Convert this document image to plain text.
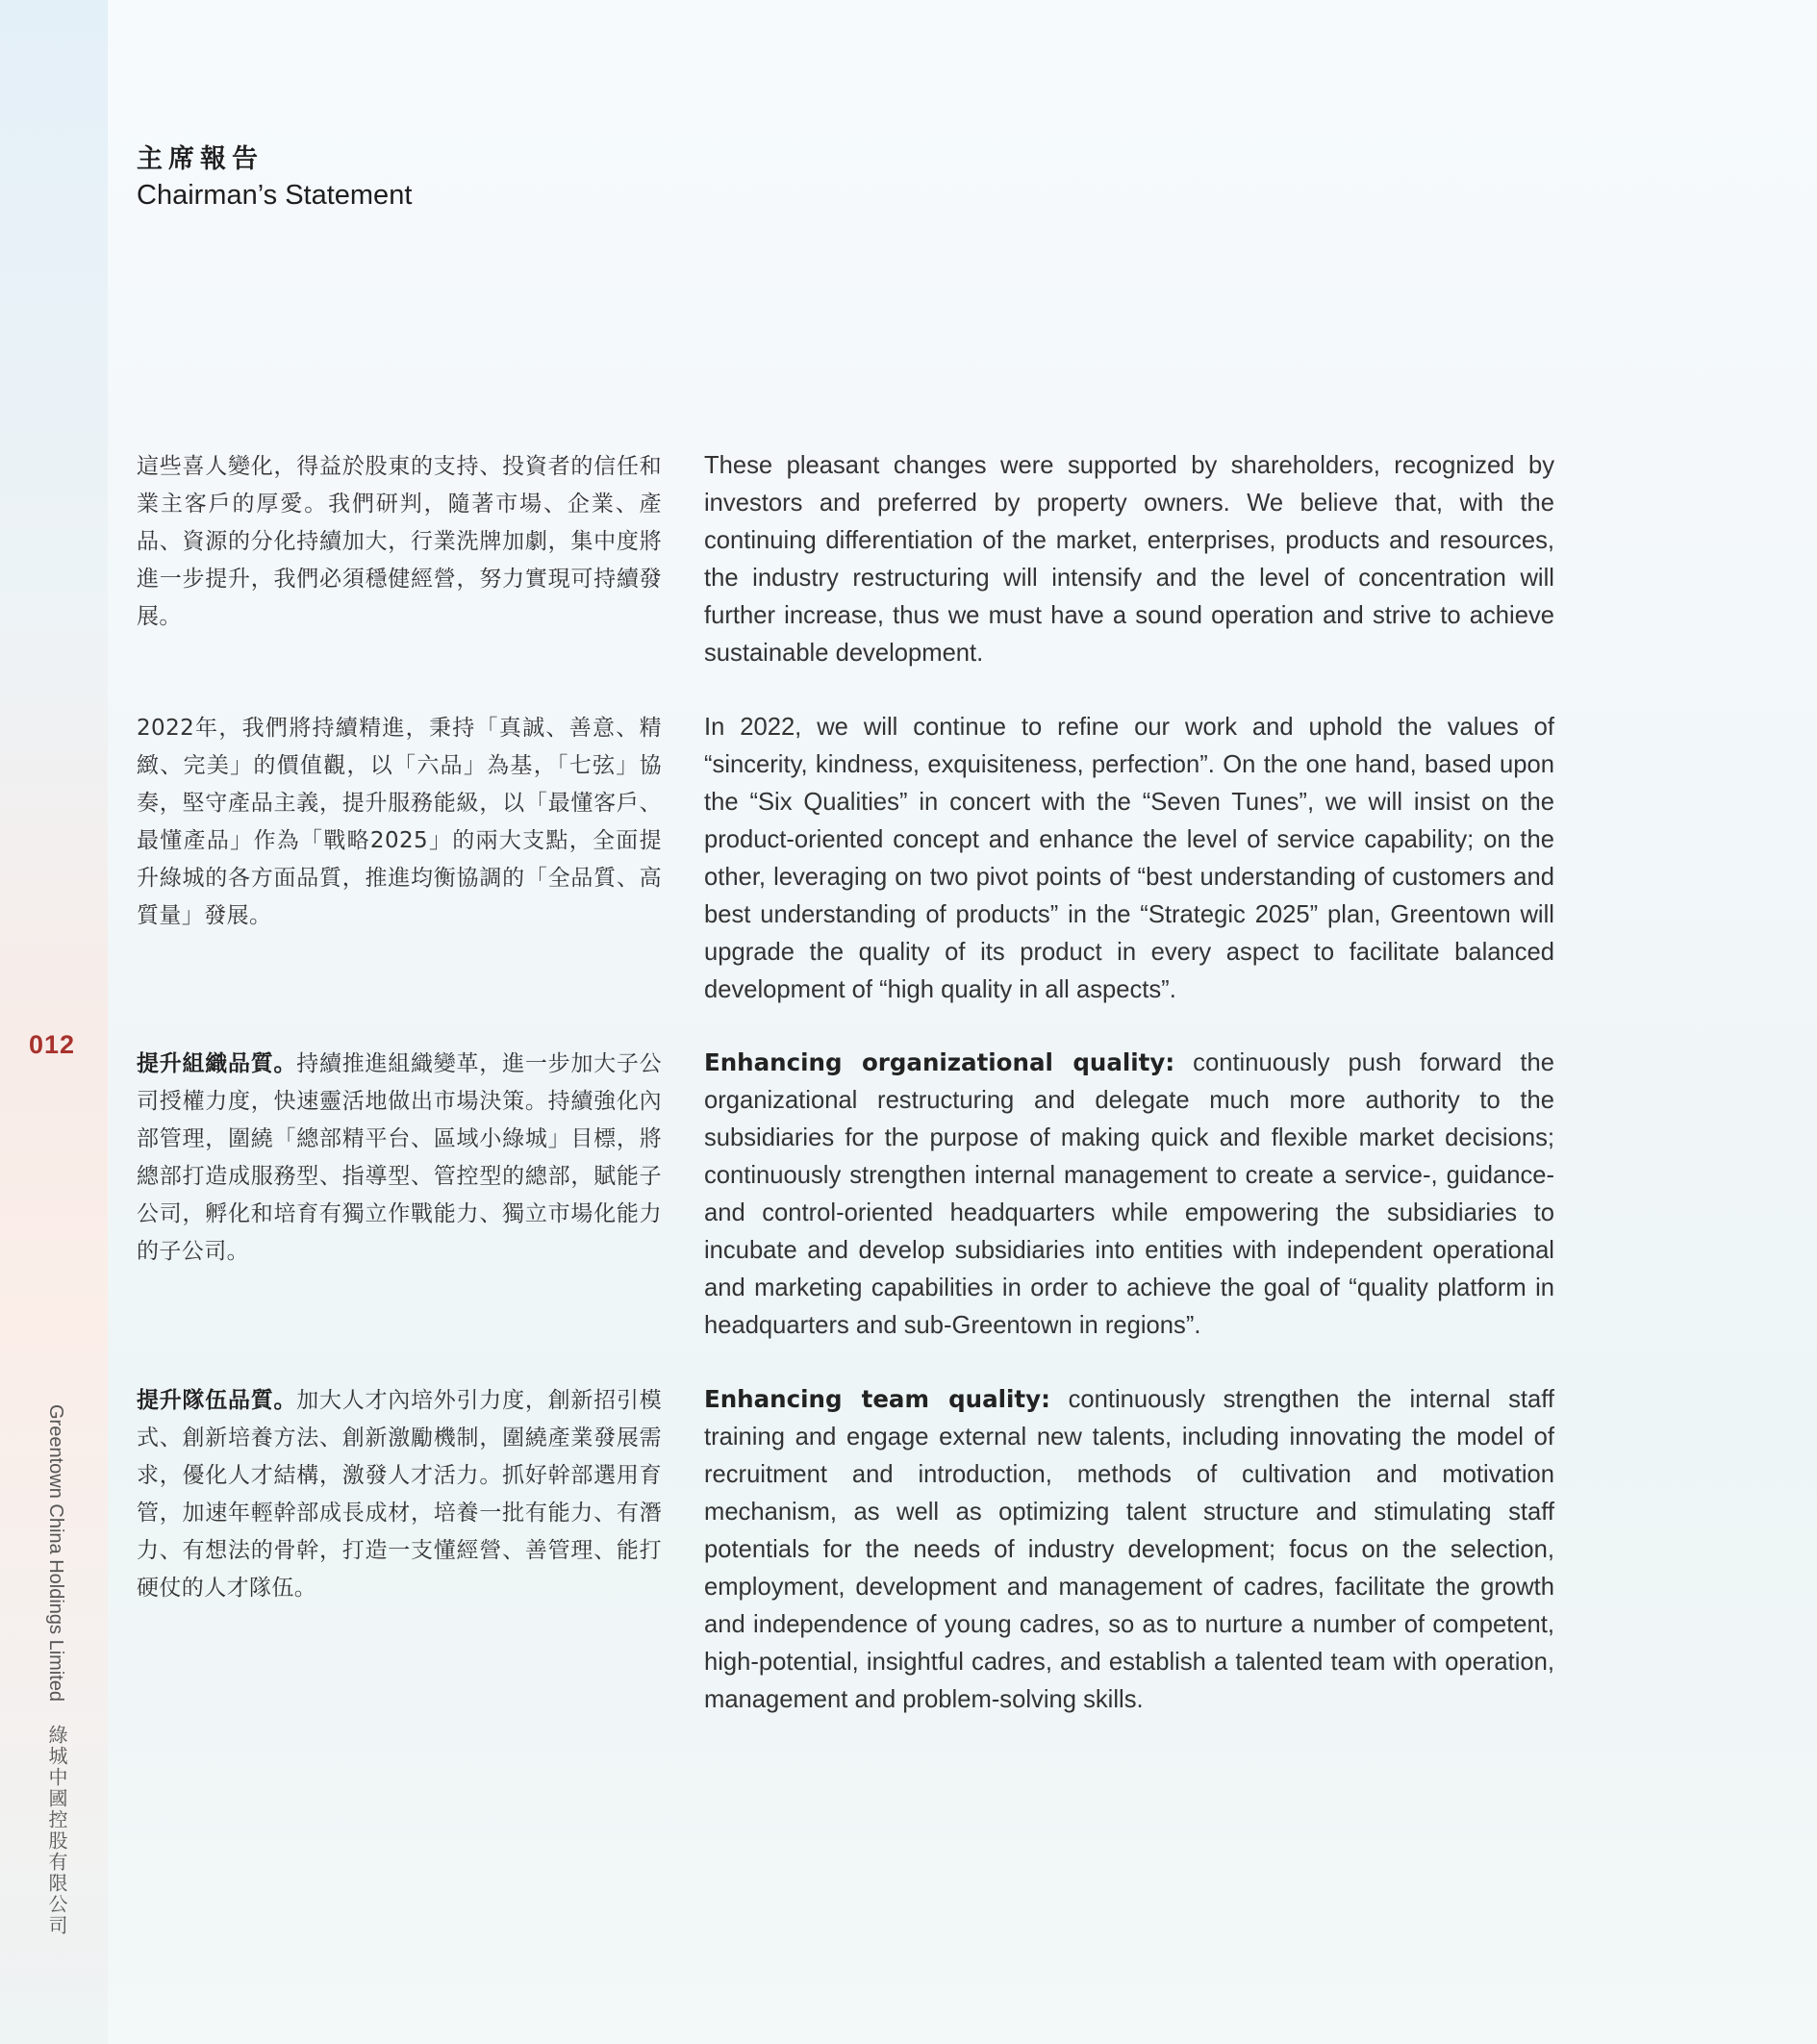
012
Greentown China Holdings Limited 綠城中國控股有限公司
主席報告
Chairman’s Statement

這些喜人變化，得益於股東的支持、投資者的信任和業主客戶的厚愛。我們研判，隨著市場、企業、產品、資源的分化持續加大，行業洗牌加劇，集中度將進一步提升，我們必須穩健經營，努力實現可持續發展。

These pleasant changes were supported by shareholders, recognized by investors and preferred by property owners. We believe that, with the continuing differentiation of the market, enterprises, products and resources, the industry restructuring will intensify and the level of concentration will further increase, thus we must have a sound operation and strive to achieve sustainable development.

2022年，我們將持續精進，秉持「真誠、善意、精緻、完美」的價值觀，以「六品」為基，「七弦」協奏，堅守產品主義，提升服務能級，以「最懂客戶、最懂產品」作為「戰略2025」的兩大支點，全面提升綠城的各方面品質，推進均衡協調的「全品質、高質量」發展。

In 2022, we will continue to refine our work and uphold the values of “sincerity, kindness, exquisiteness, perfection”. On the one hand, based upon the “Six Qualities” in concert with the “Seven Tunes”, we will insist on the product-oriented concept and enhance the level of service capability; on the other, leveraging on two pivot points of “best understanding of customers and best understanding of products” in the “Strategic 2025” plan, Greentown will upgrade the quality of its product in every aspect to facilitate balanced development of “high quality in all aspects”.

提升組織品質。持續推進組織變革，進一步加大子公司授權力度，快速靈活地做出市場決策。持續強化內部管理，圍繞「總部精平台、區域小綠城」目標，將總部打造成服務型、指導型、管控型的總部，賦能子公司，孵化和培育有獨立作戰能力、獨立市場化能力的子公司。

Enhancing organizational quality: continuously push forward the organizational restructuring and delegate much more authority to the subsidiaries for the purpose of making quick and flexible market decisions; continuously strengthen internal management to create a service-, guidance- and control-oriented headquarters while empowering the subsidiaries to incubate and develop subsidiaries into entities with independent operational and marketing capabilities in order to achieve the goal of “quality platform in headquarters and sub-Greentown in regions”.

提升隊伍品質。加大人才內培外引力度，創新招引模式、創新培養方法、創新激勵機制，圍繞產業發展需求，優化人才結構，激發人才活力。抓好幹部選用育管，加速年輕幹部成長成材，培養一批有能力、有潛力、有想法的骨幹，打造一支懂經營、善管理、能打硬仗的人才隊伍。

Enhancing team quality: continuously strengthen the internal staff training and engage external new talents, including innovating the model of recruitment and introduction, methods of cultivation and motivation mechanism, as well as optimizing talent structure and stimulating staff potentials for the needs of industry development; focus on the selection, employment, development and management of cadres, facilitate the growth and independence of young cadres, so as to nurture a number of competent, high-potential, insightful cadres, and establish a talented team with operation, management and problem-solving skills.
